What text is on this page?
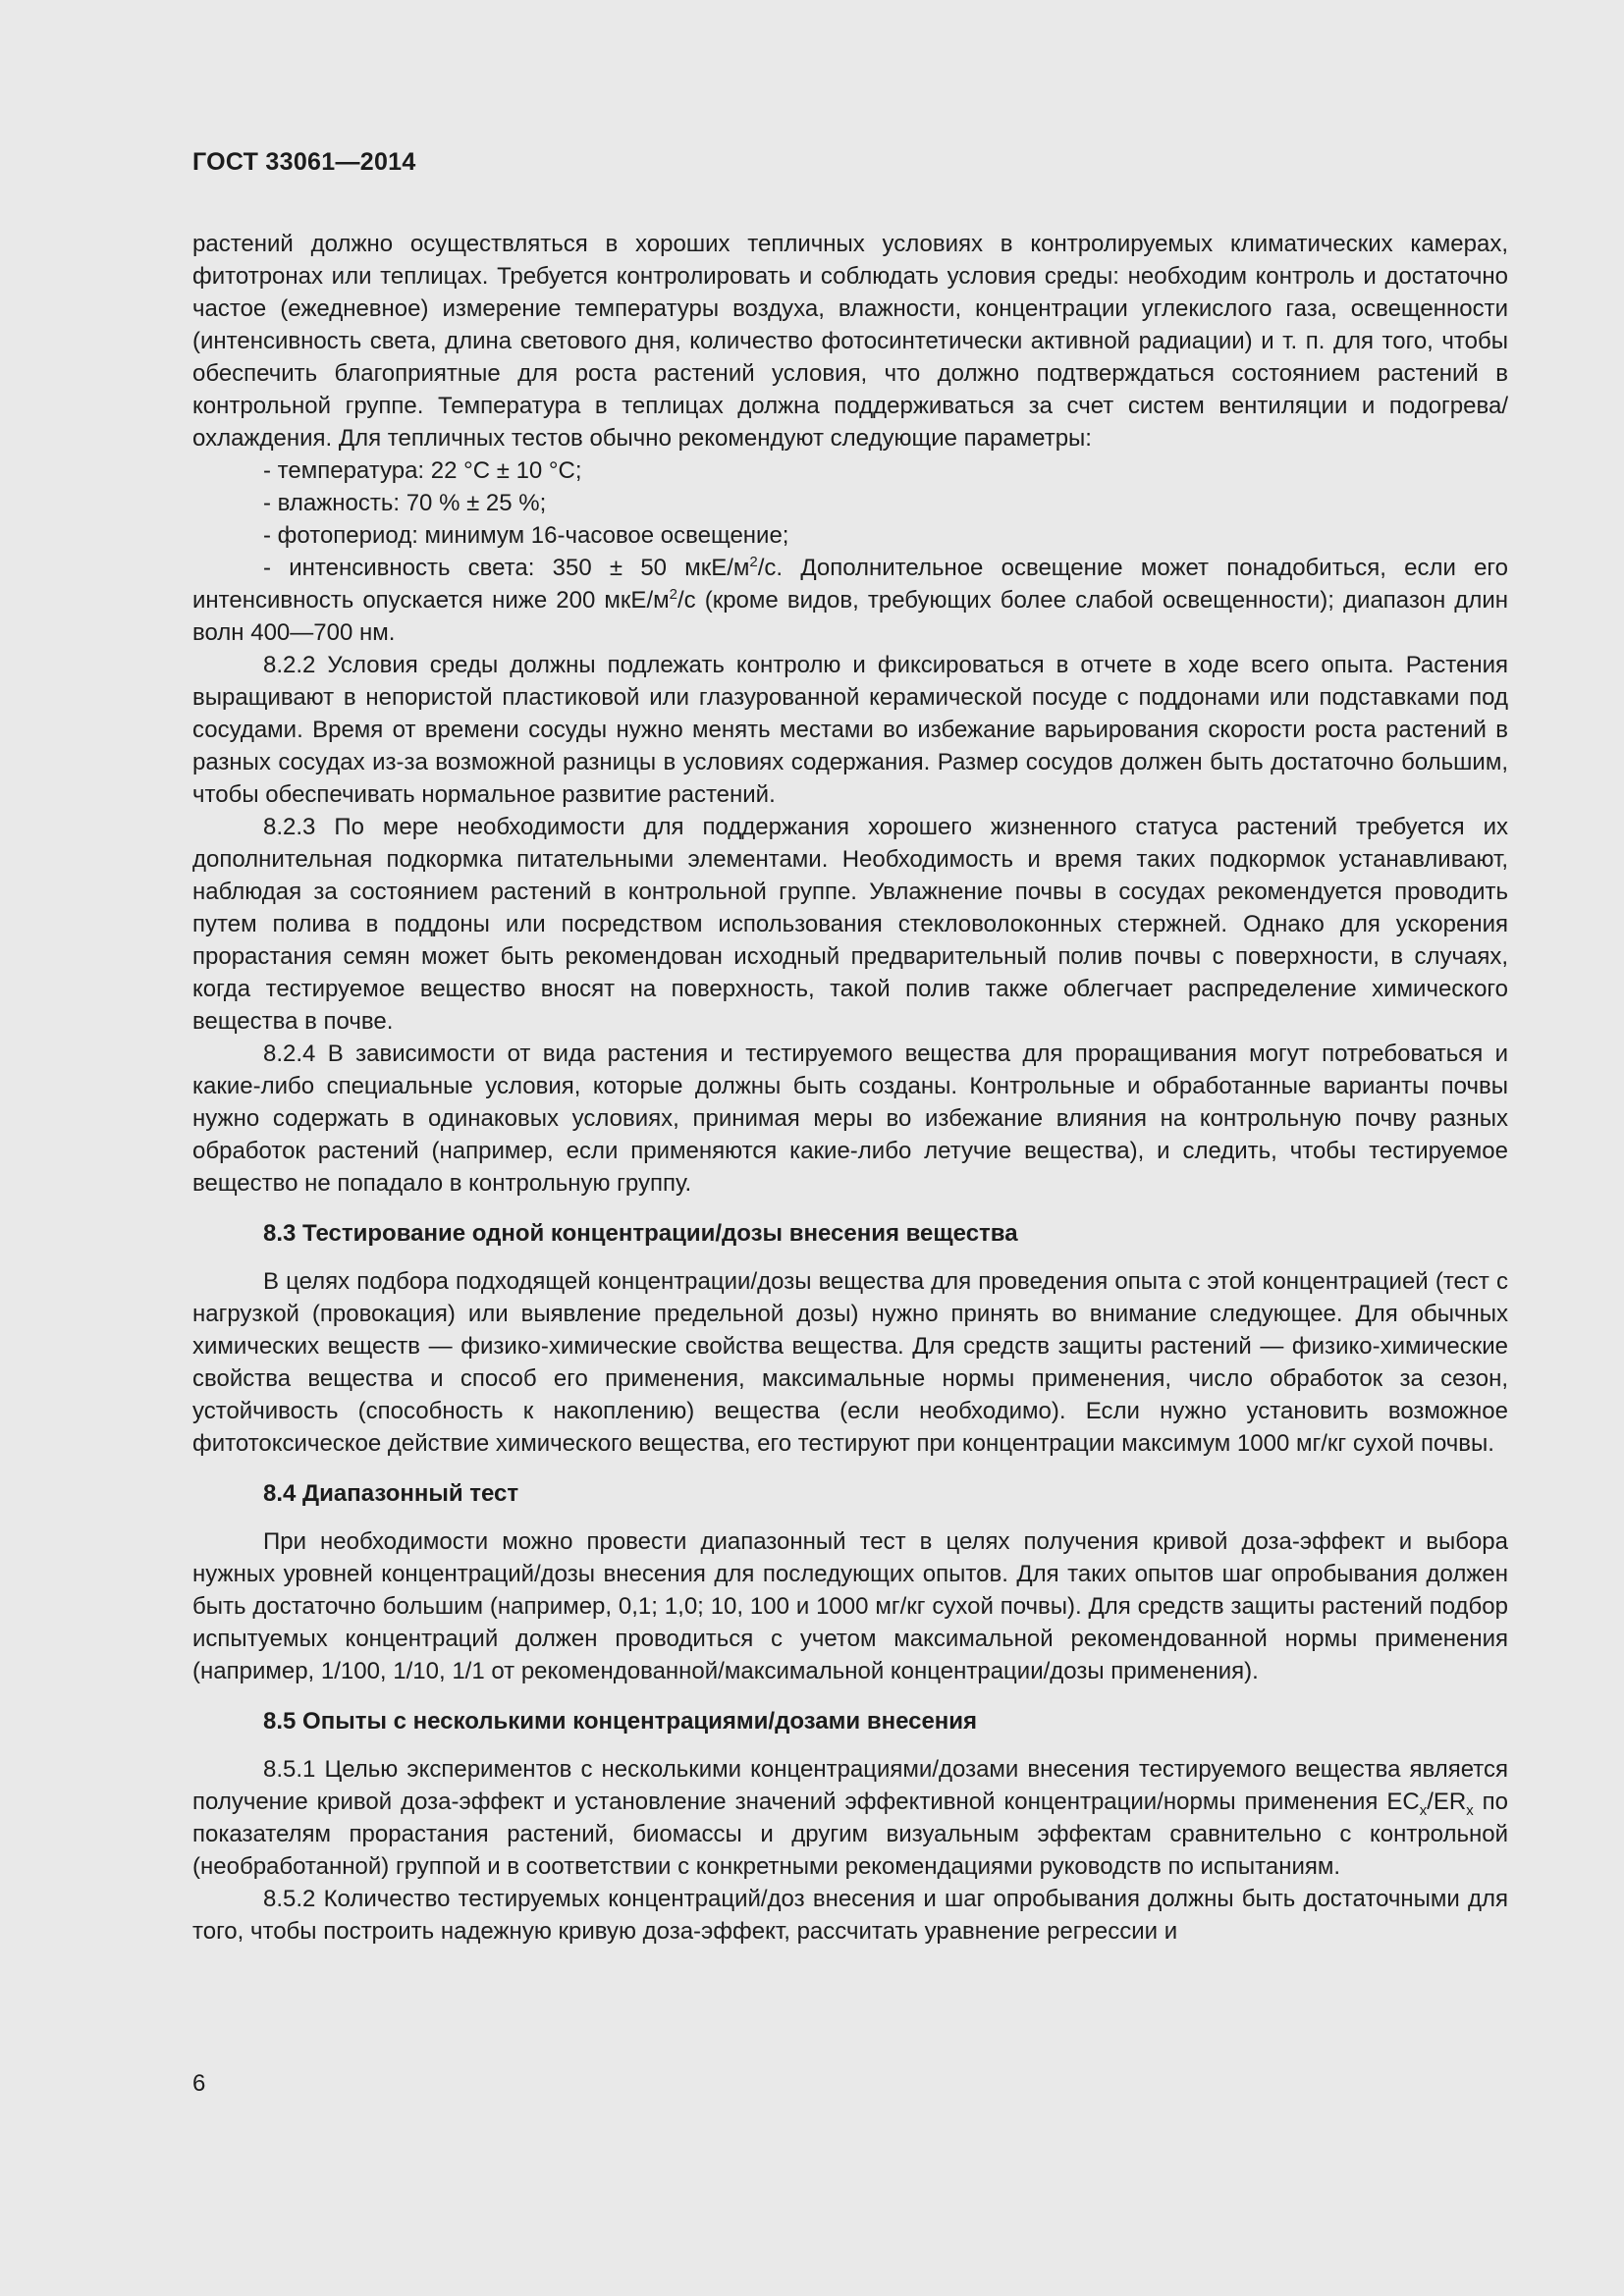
ГОСТ 33061—2014

растений должно осуществляться в хороших тепличных условиях в контролируемых климатических камерах, фитотронах или теплицах. Требуется контролировать и соблюдать условия среды: необходим контроль и достаточно частое (ежедневное) измерение температуры воздуха, влажности, концентрации углекислого газа, освещенности (интенсивность света, длина светового дня, количество фотосинтетически активной радиации) и т. п. для того, чтобы обеспечить благоприятные для роста растений условия, что должно подтверждаться состоянием растений в контрольной группе. Температура в теплицах должна поддерживаться за счет систем вентиляции и подогрева/охлаждения. Для тепличных тестов обычно рекомендуют следующие параметры:

- температура: 22 °С ± 10 °С;

- влажность: 70 % ± 25 %;

- фотопериод: минимум 16-часовое освещение;

- интенсивность света: 350 ± 50 мкЕ/$м^2/с$. Дополнительное освещение может понадобиться, если его интенсивность опускается ниже 200 мкЕ/$м^2/с$ (кроме видов, требующих более слабой освещенности); диапазон длин волн 400—700 нм.

8.2.2 Условия среды должны подлежать контролю и фиксироваться в отчете в ходе всего опыта. Растения выращивают в непористой пластиковой или глазурованной керамической посуде с поддонами или подставками под сосудами. Время от времени сосуды нужно менять местами во избежание варьирования скорости роста растений в разных сосудах из-за возможной разницы в условиях содержания. Размер сосудов должен быть достаточно большим, чтобы обеспечивать нормальное развитие растений.

8.2.3 По мере необходимости для поддержания хорошего жизненного статуса растений требуется их дополнительная подкормка питательными элементами. Необходимость и время таких подкормок устанавливают, наблюдая за состоянием растений в контрольной группе. Увлажнение почвы в сосудах рекомендуется проводить путем полива в поддоны или посредством использования стекловолоконных стержней. Однако для ускорения прорастания семян может быть рекомендован исходный предварительный полив почвы с поверхности, в случаях, когда тестируемое вещество вносят на поверхность, такой полив также облегчает распределение химического вещества в почве.

8.2.4 В зависимости от вида растения и тестируемого вещества для проращивания могут потребоваться и какие-либо специальные условия, которые должны быть созданы. Контрольные и обработанные варианты почвы нужно содержать в одинаковых условиях, принимая меры во избежание влияния на контрольную почву разных обработок растений (например, если применяются какие-либо летучие вещества), и следить, чтобы тестируемое вещество не попадало в контрольную группу.

8.3 Тестирование одной концентрации/дозы внесения вещества

В целях подбора подходящей концентрации/дозы вещества для проведения опыта с этой концентрацией (тест с нагрузкой (провокация) или выявление предельной дозы) нужно принять во внимание следующее. Для обычных химических веществ — физико-химические свойства вещества. Для средств защиты растений — физико-химические свойства вещества и способ его применения, максимальные нормы применения, число обработок за сезон, устойчивость (способность к накоплению) вещества (если необходимо). Если нужно установить возможное фитотоксическое действие химического вещества, его тестируют при концентрации максимум 1000 мг/кг сухой почвы.

8.4 Диапазонный тест

При необходимости можно провести диапазонный тест в целях получения кривой доза-эффект и выбора нужных уровней концентраций/дозы внесения для последующих опытов. Для таких опытов шаг опробывания должен быть достаточно большим (например, 0,1; 1,0; 10, 100 и 1000 мг/кг сухой почвы). Для средств защиты растений подбор испытуемых концентраций должен проводиться с учетом максимальной рекомендованной нормы применения (например, 1/100, 1/10, 1/1 от рекомендованной/максимальной концентрации/дозы применения).

8.5 Опыты с несколькими концентрациями/дозами внесения

8.5.1 Целью экспериментов с несколькими концентрациями/дозами внесения тестируемого вещества является получение кривой доза-эффект и установление значений эффективной концентрации/нормы применения $EC_x/ER_x$ по показателям прорастания растений, биомассы и другим визуальным эффектам сравнительно с контрольной (необработанной) группой и в соответствии с конкретными рекомендациями руководств по испытаниям.

8.5.2 Количество тестируемых концентраций/доз внесения и шаг опробывания должны быть достаточными для того, чтобы построить надежную кривую доза-эффект, рассчитать уравнение регрессии и

6
